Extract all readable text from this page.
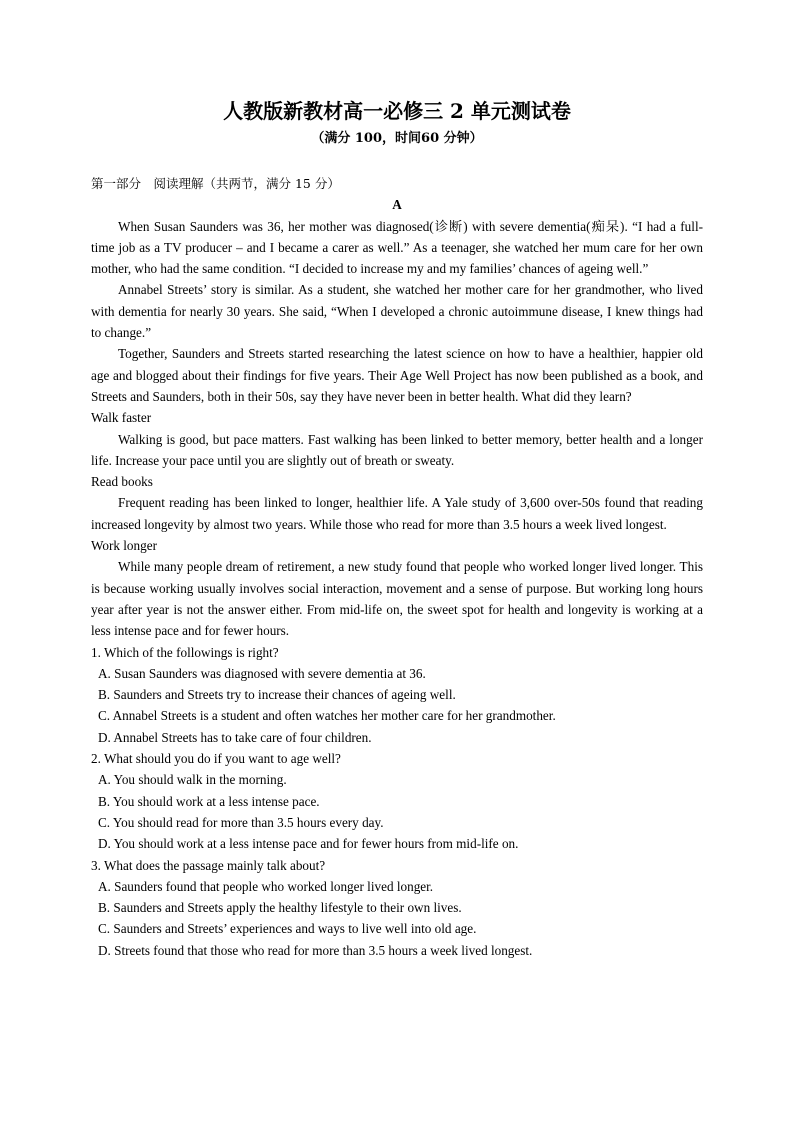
人教版新教材高一必修三 2 单元测试卷
（满分 100，时间60 分钟）

第一部分　阅读理解（共两节，满分 15 分）

A

When Susan Saunders was 36, her mother was diagnosed(诊断) with severe dementia(痴呆). “I had a full-time job as a TV producer – and I became a carer as well.” As a teenager, she watched her mum care for her own mother, who had the same condition. “I decided to increase my and my families’ chances of ageing well.”

Annabel Streets’ story is similar. As a student, she watched her mother care for her grandmother, who lived with dementia for nearly 30 years. She said, “When I developed a chronic autoimmune disease, I knew things had to change.”

Together, Saunders and Streets started researching the latest science on how to have a healthier, happier old age and blogged about their findings for five years. Their Age Well Project has now been published as a book, and Streets and Saunders, both in their 50s, say they have never been in better health. What did they learn?

Walk faster

Walking is good, but pace matters. Fast walking has been linked to better memory, better health and a longer life. Increase your pace until you are slightly out of breath or sweaty.

Read books

Frequent reading has been linked to longer, healthier life. A Yale study of 3,600 over-50s found that reading increased longevity by almost two years. While those who read for more than 3.5 hours a week lived longest.

Work longer

While many people dream of retirement, a new study found that people who worked longer lived longer. This is because working usually involves social interaction, movement and a sense of purpose. But working long hours year after year is not the answer either. From mid-life on, the sweet spot for health and longevity is working at a less intense pace and for fewer hours.

1. Which of the followings is right?

A. Susan Saunders was diagnosed with severe dementia at 36.

B. Saunders and Streets try to increase their chances of ageing well.

C. Annabel Streets is a student and often watches her mother care for her grandmother.

D. Annabel Streets has to take care of four children.

2. What should you do if you want to age well?

A. You should walk in the morning.

B. You should work at a less intense pace.

C. You should read for more than 3.5 hours every day.

D. You should work at a less intense pace and for fewer hours from mid-life on.

3. What does the passage mainly talk about?

A. Saunders found that people who worked longer lived longer.

B. Saunders and Streets apply the healthy lifestyle to their own lives.

C. Saunders and Streets’ experiences and ways to live well into old age.

D. Streets found that those who read for more than 3.5 hours a week lived longest.
